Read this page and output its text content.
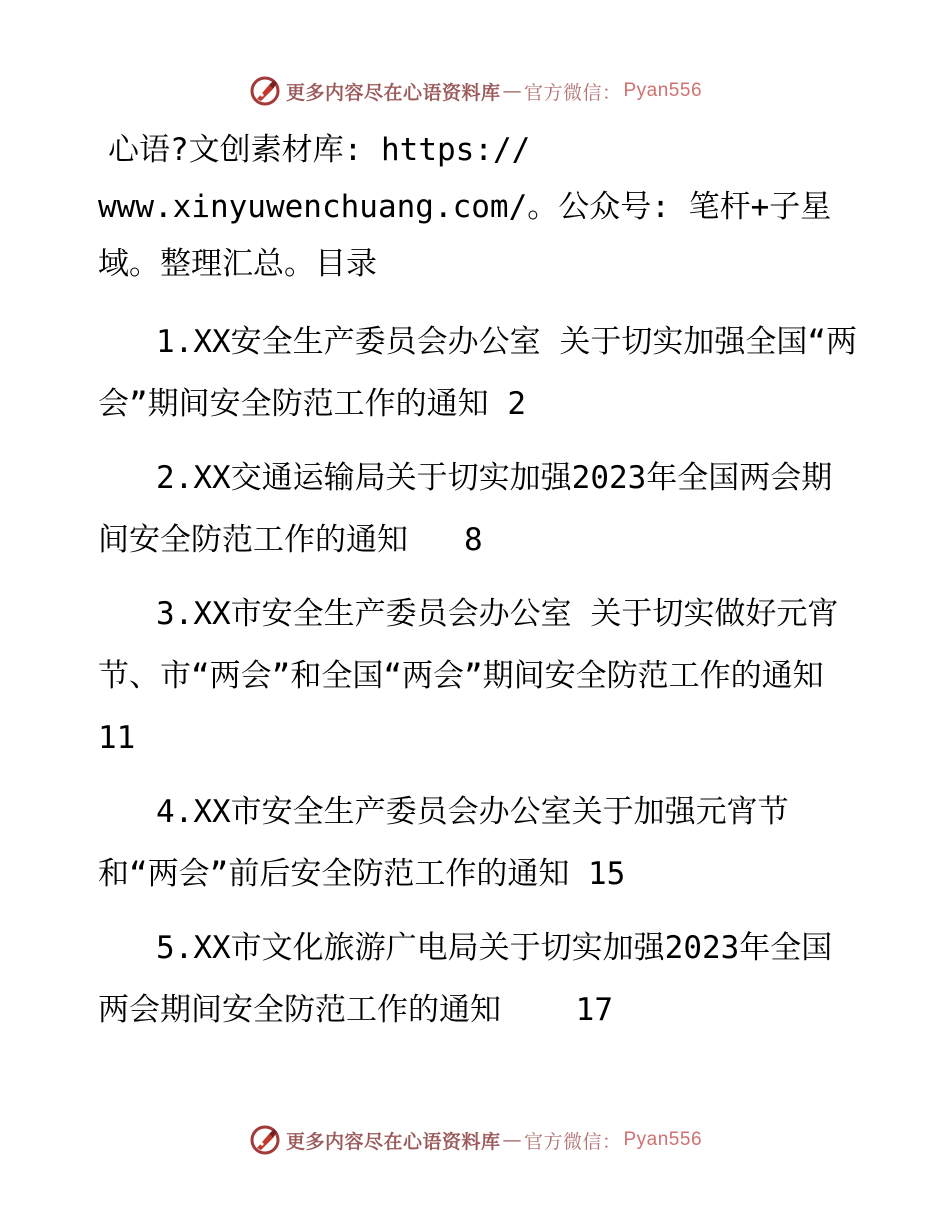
更多内容尽在心语资料库 — 官方微信： Pyan556
心语?文创素材库: https://
www.xinyuwenchuang.com/。公众号: 笔杆+子星
域。整理汇总。目录

1.XX安全生产委员会办公室 关于切实加强全国“两会”期间安全防范工作的通知 2

2.XX交通运输局关于切实加强2023年全国两会期间安全防范工作的通知   8

3.XX市安全生产委员会办公室 关于切实做好元宵节、市“两会”和全国“两会”期间安全防范工作的通知    11

4.XX市安全生产委员会办公室关于加强元宵节和“两会”前后安全防范工作的通知 15

5.XX市文化旅游广电局关于切实加强2023年全国两会期间安全防范工作的通知    17

更多内容尽在心语资料库 — 官方微信： Pyan556
